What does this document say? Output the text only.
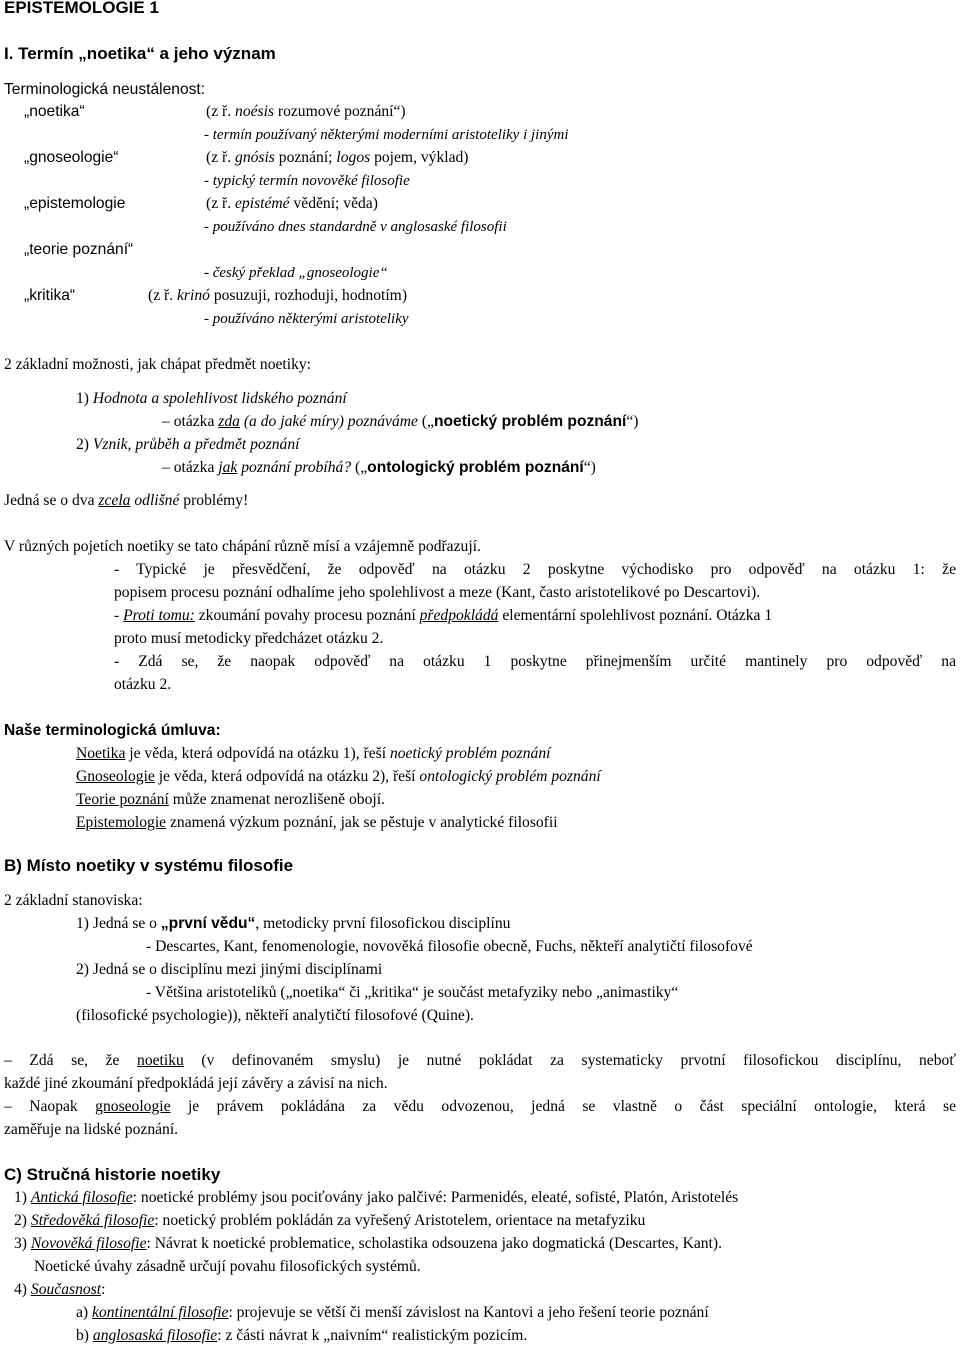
EPISTEMOLOGIE 1
I. Termín „noetika“ a jeho význam
Terminologická neustálenost:
„noetika“	(z ř. noésis rozumové poznání“)
- termín používaný některými moderními aristoteliky i jinými
„gnoseologie“	(z ř. gnósis poznání; logos pojem, výklad)
- typický termín novověké filosofie
„epistemologie	(z ř. epistémé vědění; věda)
- používáno dnes standardně v anglosaské filosofii
„teorie poznání“
- český překlad „gnoseologie“
„kritika“	(z ř. krinó posuzuji, rozhoduji, hodnotím)
- používáno některými aristoteliky
2 základní možnosti, jak chápat předmět noetiky:
1) Hodnota a spolehlivost lidského poznání
– otázka zda (a do jaké míry) poznáváme („noetický problém poznání“)
2) Vznik, průběh a předmět poznání
– otázka jak poznání probíhá? („ontologický problém poznání“)
Jedná se o dva zcela odlišné problémy!
V různých pojetích noetiky se tato chápání různě mísí a vzájemně podřazují.
- Typické je přesvědčení, že odpověď na otázku 2 poskytne východisko pro odpověď na otázku 1: že
popisem procesu poznání odhalíme jeho spolehlivost a meze (Kant, často aristotelikové po Descartovi).
- Proti tomu: zkoumání povahy procesu poznání předpokládá elementární spolehlivost poznání. Otázka 1
proto musí metodicky předcházet otázku 2.
- Zdá se, že naopak odpověď na otázku 1 poskytne přinejmenším určité mantinely pro odpověď na
otázku 2.
Naše terminologická úmluva:
Noetika je věda, která odpovídá na otázku 1), řeší noetický problém poznání
Gnoseologie je věda, která odpovídá na otázku 2), řeší ontologický problém poznání
Teorie poznání může znamenat nerozlišeně obojí.
Epistemologie znamená výzkum poznání, jak se pěstuje v analytické filosofii
B) Místo noetiky v systému filosofie
2 základní stanoviska:
1) Jedná se o „první vědu“, metodicky první filosofickou disciplínu
- Descartes, Kant, fenomenologie, novověká filosofie obecně, Fuchs, někteří analytičtí filosofové
2) Jedná se o disciplínu mezi jinými disciplínami
- Většina aristoteliků („noetika“ či „kritika“ je součást metafyziky nebo „animastiky“
(filosofické psychologie)), někteří analytičtí filosofové (Quine).
– Zdá se, že noetiku (v definovaném smyslu) je nutné pokládat za systematicky prvotní filosofickou disciplínu, neboť
každé jiné zkoumání předpokládá její závěry a závisí na nich.
– Naopak gnoseologie je právem pokládána za vědu odvozenou, jedná se vlastně o část speciální ontologie, která se
zaměřuje na lidské poznání.
C) Stručná historie noetiky
1) Antická filosofie: noetické problémy jsou pociťovány jako palčivé: Parmenidés, eleaté, sofisté, Platón, Aristotelés
2) Středověká filosofie: noetický problém pokládán za vyřešený Aristotelem, orientace na metafyziku
3) Novověká filosofie: Návrat k noetické problematice, scholastika odsouzena jako dogmatická (Descartes, Kant).
Noetické úvahy zásadně určují povahu filosofických systémů.
4) Současnost:
a) kontinentální filosofie: projevuje se větší či menší závislost na Kantovi a jeho řešení teorie poznání
b) anglosaská filosofie: z části návrat k „naivním“ realistickým pozicím.
